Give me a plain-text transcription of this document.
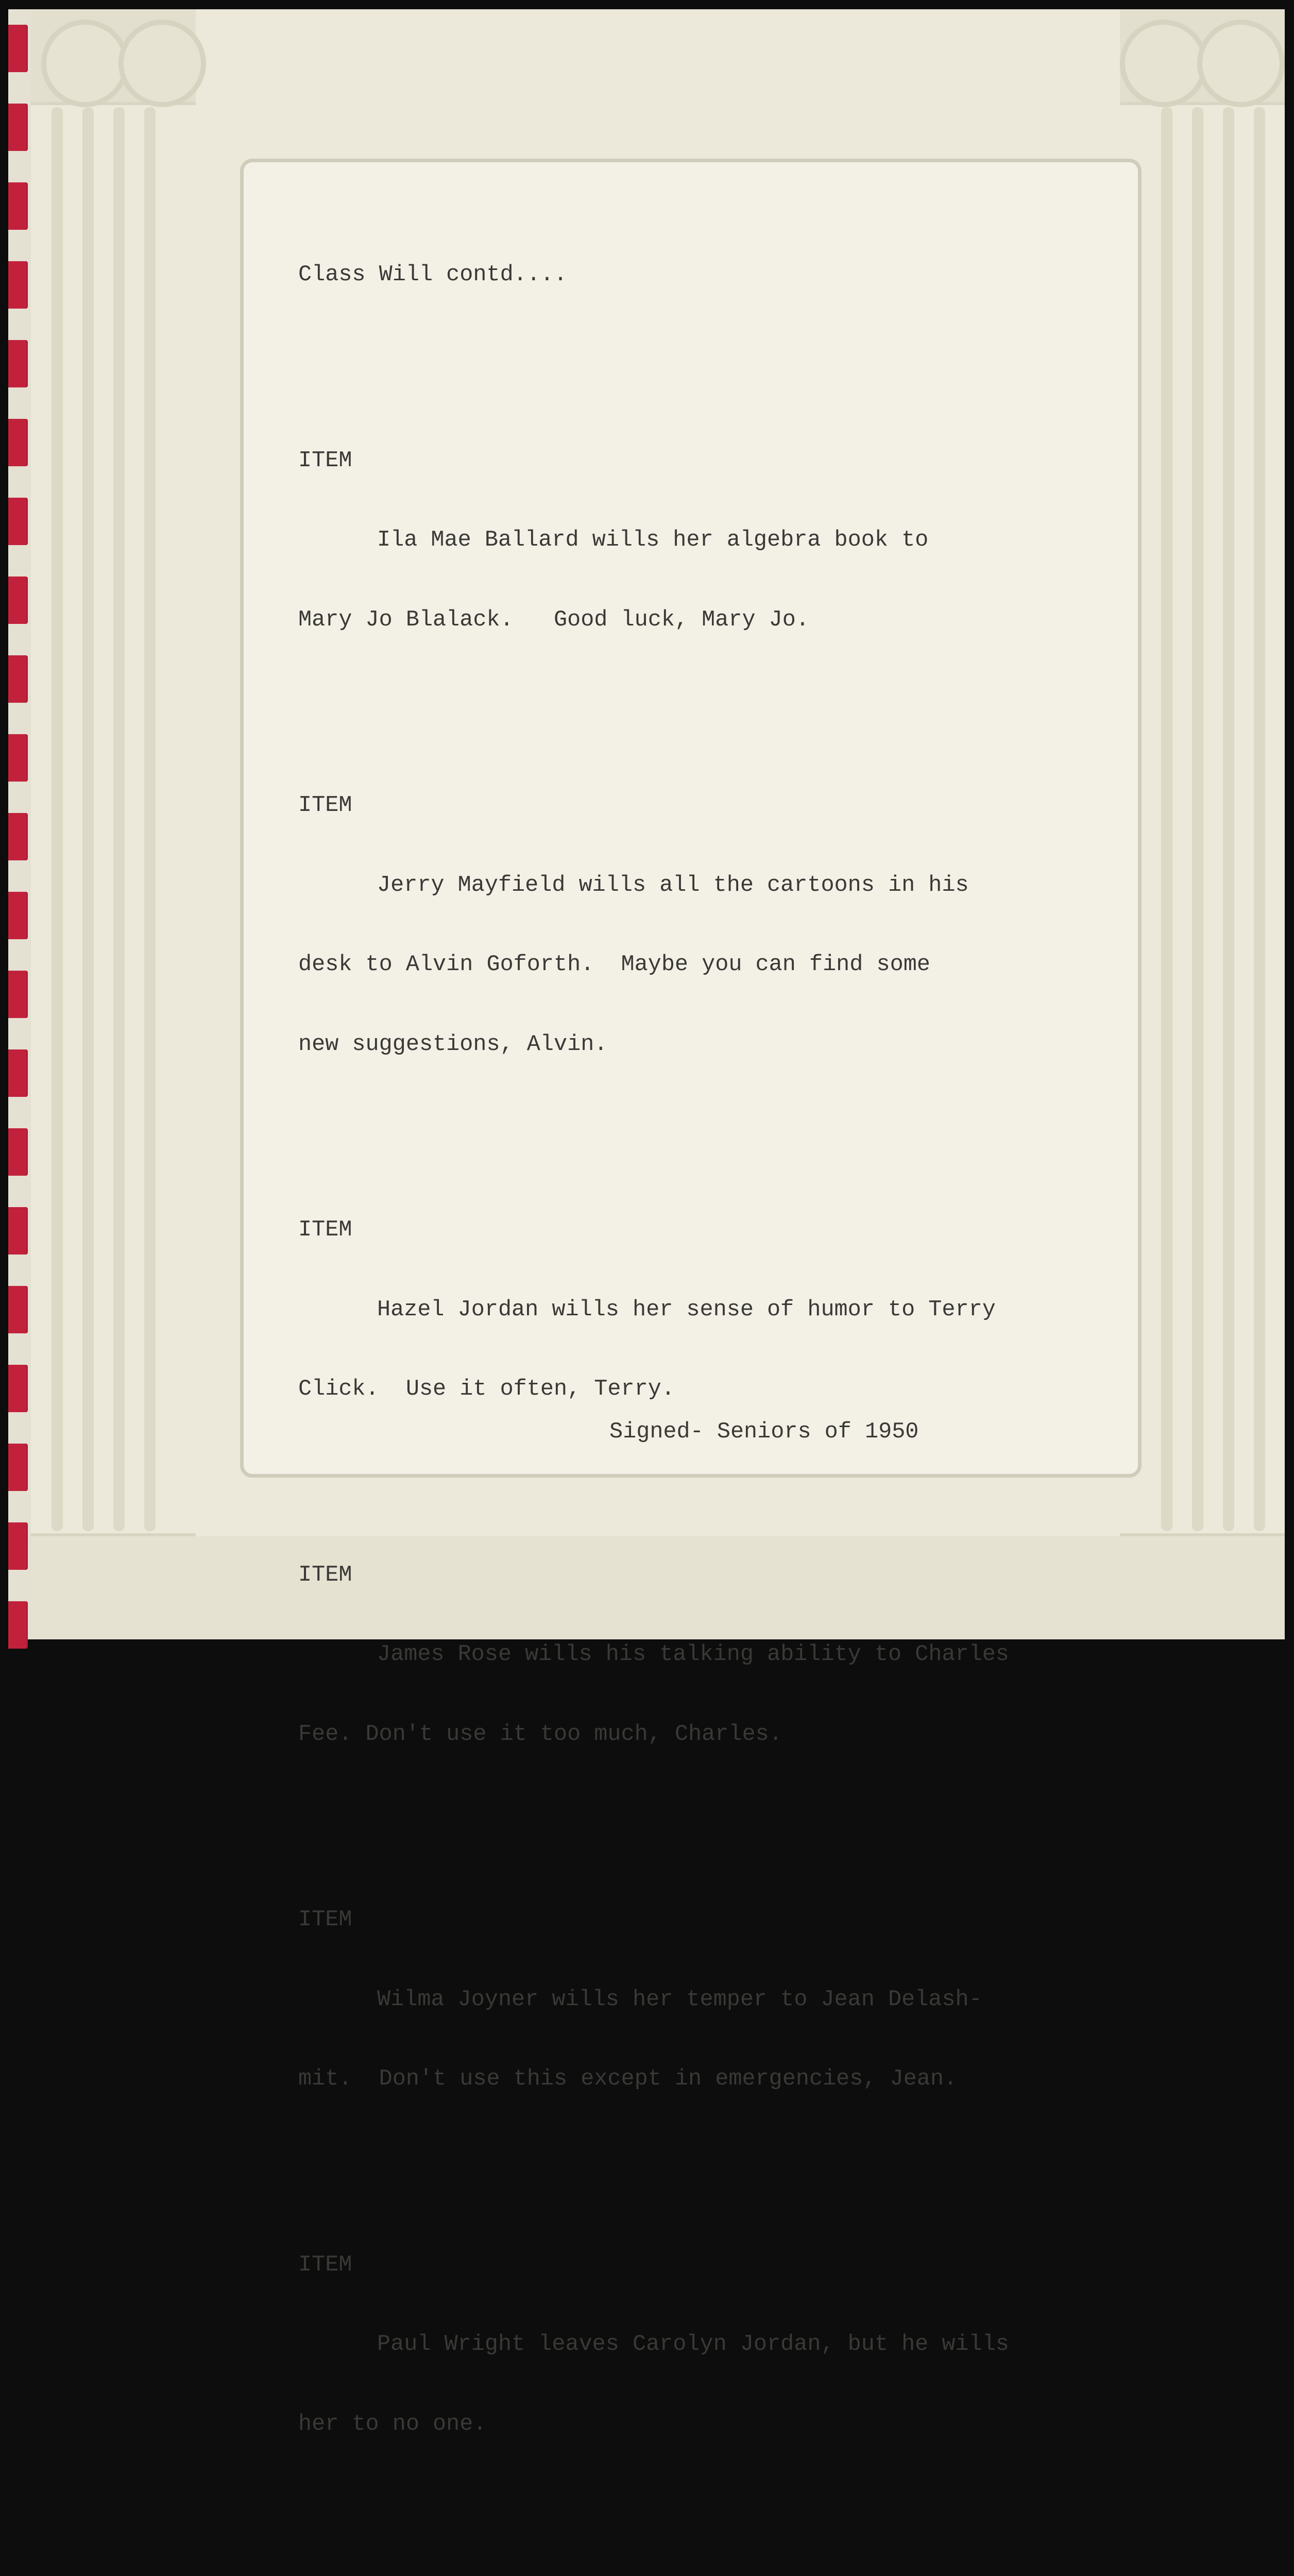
Class Will contd....

ITEM

Ila Mae Ballard wills her algebra book to

Mary Jo Blalack.   Good luck, Mary Jo.

ITEM

Jerry Mayfield wills all the cartoons in his

desk to Alvin Goforth.  Maybe you can find some

new suggestions, Alvin.

ITEM

Hazel Jordan wills her sense of humor to Terry

Click.  Use it often, Terry.

ITEM

James Rose wills his talking ability to Charles

Fee. Don't use it too much, Charles.

ITEM

Wilma Joyner wills her temper to Jean Delash-

mit.  Don't use this except in emergencies, Jean.

ITEM

Paul Wright leaves Carolyn Jordan, but he wills

her to no one.

Signed- Seniors of 1950
